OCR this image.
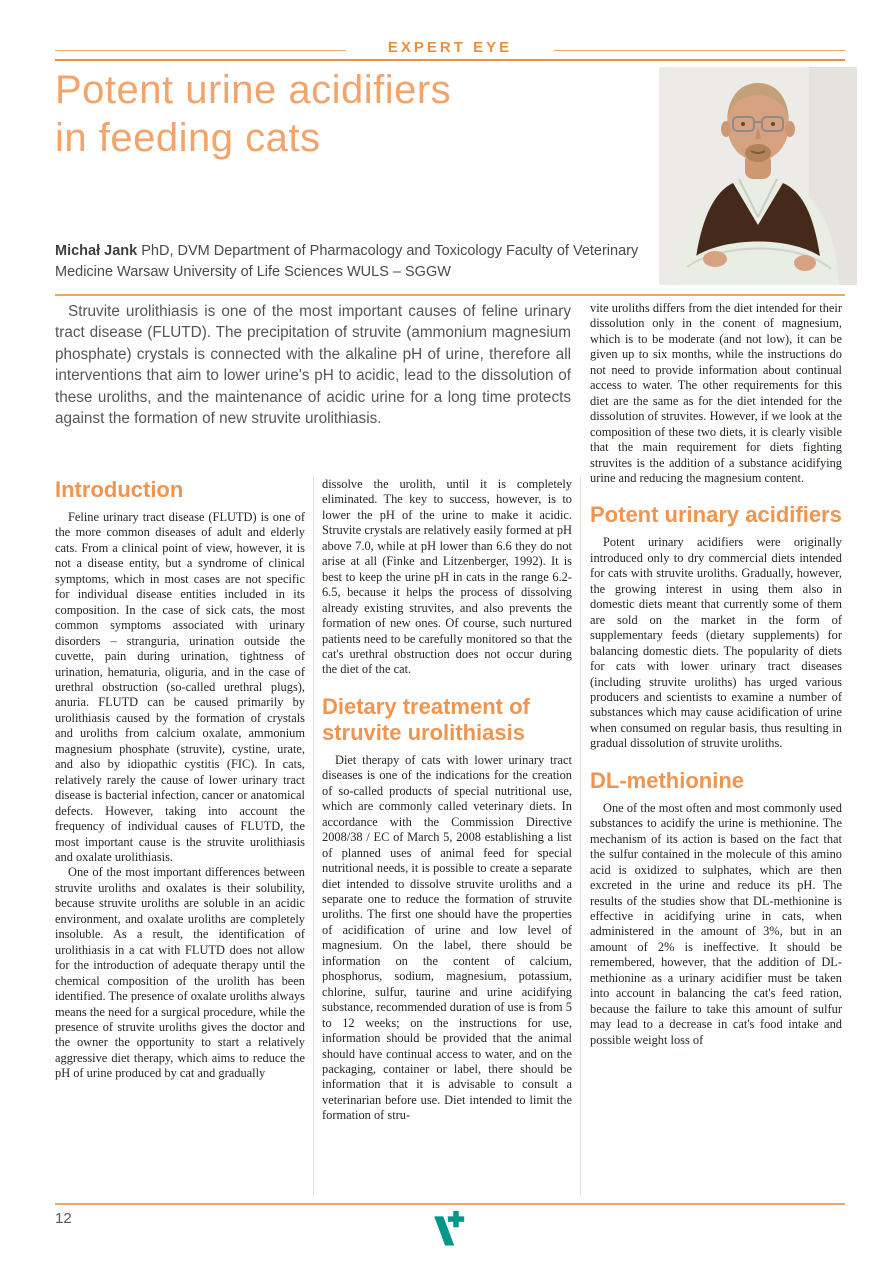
EXPERT EYE
Potent urine acidifiers
in feeding cats
Michał Jank PhD, DVM Department of Pharmacology and Toxicology Faculty of Veterinary Medicine Warsaw University of Life Sciences WULS – SGGW
Struvite urolithiasis is one of the most important causes of feline urinary tract disease (FLUTD). The precipitation of struvite (ammonium magnesium phosphate) crystals is connected with the alkaline pH of urine, therefore all interventions that aim to lower urine's pH to acidic, lead to the dissolution of these uroliths, and the maintenance of acidic urine for a long time protects against the formation of new struvite urolithiasis.
Introduction

Feline urinary tract disease (FLUTD) is one of the more common diseases of adult and elderly cats. From a clinical point of view, however, it is not a disease entity, but a syndrome of clinical symptoms, which in most cases are not specific for individual disease entities included in its composition. In the case of sick cats, the most common symptoms associated with urinary disorders – stranguria, urination outside the cuvette, pain during urination, tightness of urination, hematuria, oliguria, and in the case of urethral obstruction (so-called urethral plugs), anuria. FLUTD can be caused primarily by urolithiasis caused by the formation of crystals and uroliths from calcium oxalate, ammonium magnesium phosphate (struvite), cystine, urate, and also by idiopathic cystitis (FIC). In cats, relatively rarely the cause of lower urinary tract disease is bacterial infection, cancer or anatomical defects. However, taking into account the frequency of individual causes of FLUTD, the most important cause is the struvite urolithiasis and oxalate urolithiasis.

One of the most important differences between struvite uroliths and oxalates is their solubility, because struvite uroliths are soluble in an acidic environment, and oxalate uroliths are completely insoluble. As a result, the identification of urolithiasis in a cat with FLUTD does not allow for the introduction of adequate therapy until the chemical composition of the urolith has been identified. The presence of oxalate uroliths always means the need for a surgical procedure, while the presence of struvite uroliths gives the doctor and the owner the opportunity to start a relatively aggressive diet therapy, which aims to reduce the pH of urine produced by cat and gradually

dissolve the urolith, until it is completely eliminated. The key to success, however, is to lower the pH of the urine to make it acidic. Struvite crystals are relatively easily formed at pH above 7.0, while at pH lower than 6.6 they do not arise at all (Finke and Litzenberger, 1992). It is best to keep the urine pH in cats in the range 6.2-6.5, because it helps the process of dissolving already existing struvites, and also prevents the formation of new ones. Of course, such nurtured patients need to be carefully monitored so that the cat's urethral obstruction does not occur during the diet of the cat.

Dietary treatment of struvite urolithiasis

Diet therapy of cats with lower urinary tract diseases is one of the indications for the creation of so-called products of special nutritional use, which are commonly called veterinary diets. In accordance with the Commission Directive 2008/38 / EC of March 5, 2008 establishing a list of planned uses of animal feed for special nutritional needs, it is possible to create a separate diet intended to dissolve struvite uroliths and a separate one to reduce the formation of struvite uroliths. The first one should have the properties of acidification of urine and low level of magnesium. On the label, there should be information on the content of calcium, phosphorus, sodium, magnesium, potassium, chlorine, sulfur, taurine and urine acidifying substance, recommended duration of use is from 5 to 12 weeks; on the instructions for use, information should be provided that the animal should have continual access to water, and on the packaging, container or label, there should be information that it is advisable to consult a veterinarian before use. Diet intended to limit the formation of stru-

vite uroliths differs from the diet intended for their dissolution only in the conent of magnesium, which is to be moderate (and not low), it can be given up to six months, while the instructions do not need to provide information about continual access to water. The other requirements for this diet are the same as for the diet intended for the dissolution of struvites. However, if we look at the composition of these two diets, it is clearly visible that the main requirement for diets fighting struvites is the addition of a substance acidifying urine and reducing the magnesium content.

Potent urinary acidifiers

Potent urinary acidifiers were originally introduced only to dry commercial diets intended for cats with struvite uroliths. Gradually, however, the growing interest in using them also in domestic diets meant that currently some of them are sold on the market in the form of supplementary feeds (dietary supplements) for balancing domestic diets. The popularity of diets for cats with lower urinary tract diseases (including struvite uroliths) has urged various producers and scientists to examine a number of substances which may cause acidification of urine when consumed on regular basis, thus resulting in gradual dissolution of struvite uroliths.

DL-methionine

One of the most often and most commonly used substances to acidify the urine is methionine. The mechanism of its action is based on the fact that the sulfur contained in the molecule of this amino acid is oxidized to sulphates, which are then excreted in the urine and reduce its pH. The results of the studies show that DL-methionine is effective in acidifying urine in cats, when administered in the amount of 3%, but in an amount of 2% is ineffective. It should be remembered, however, that the addition of DL-methionine as a urinary acidifier must be taken into account in balancing the cat's feed ration, because the failure to take this amount of sulfur may lead to a decrease in cat's food intake and possible weight loss of

12
